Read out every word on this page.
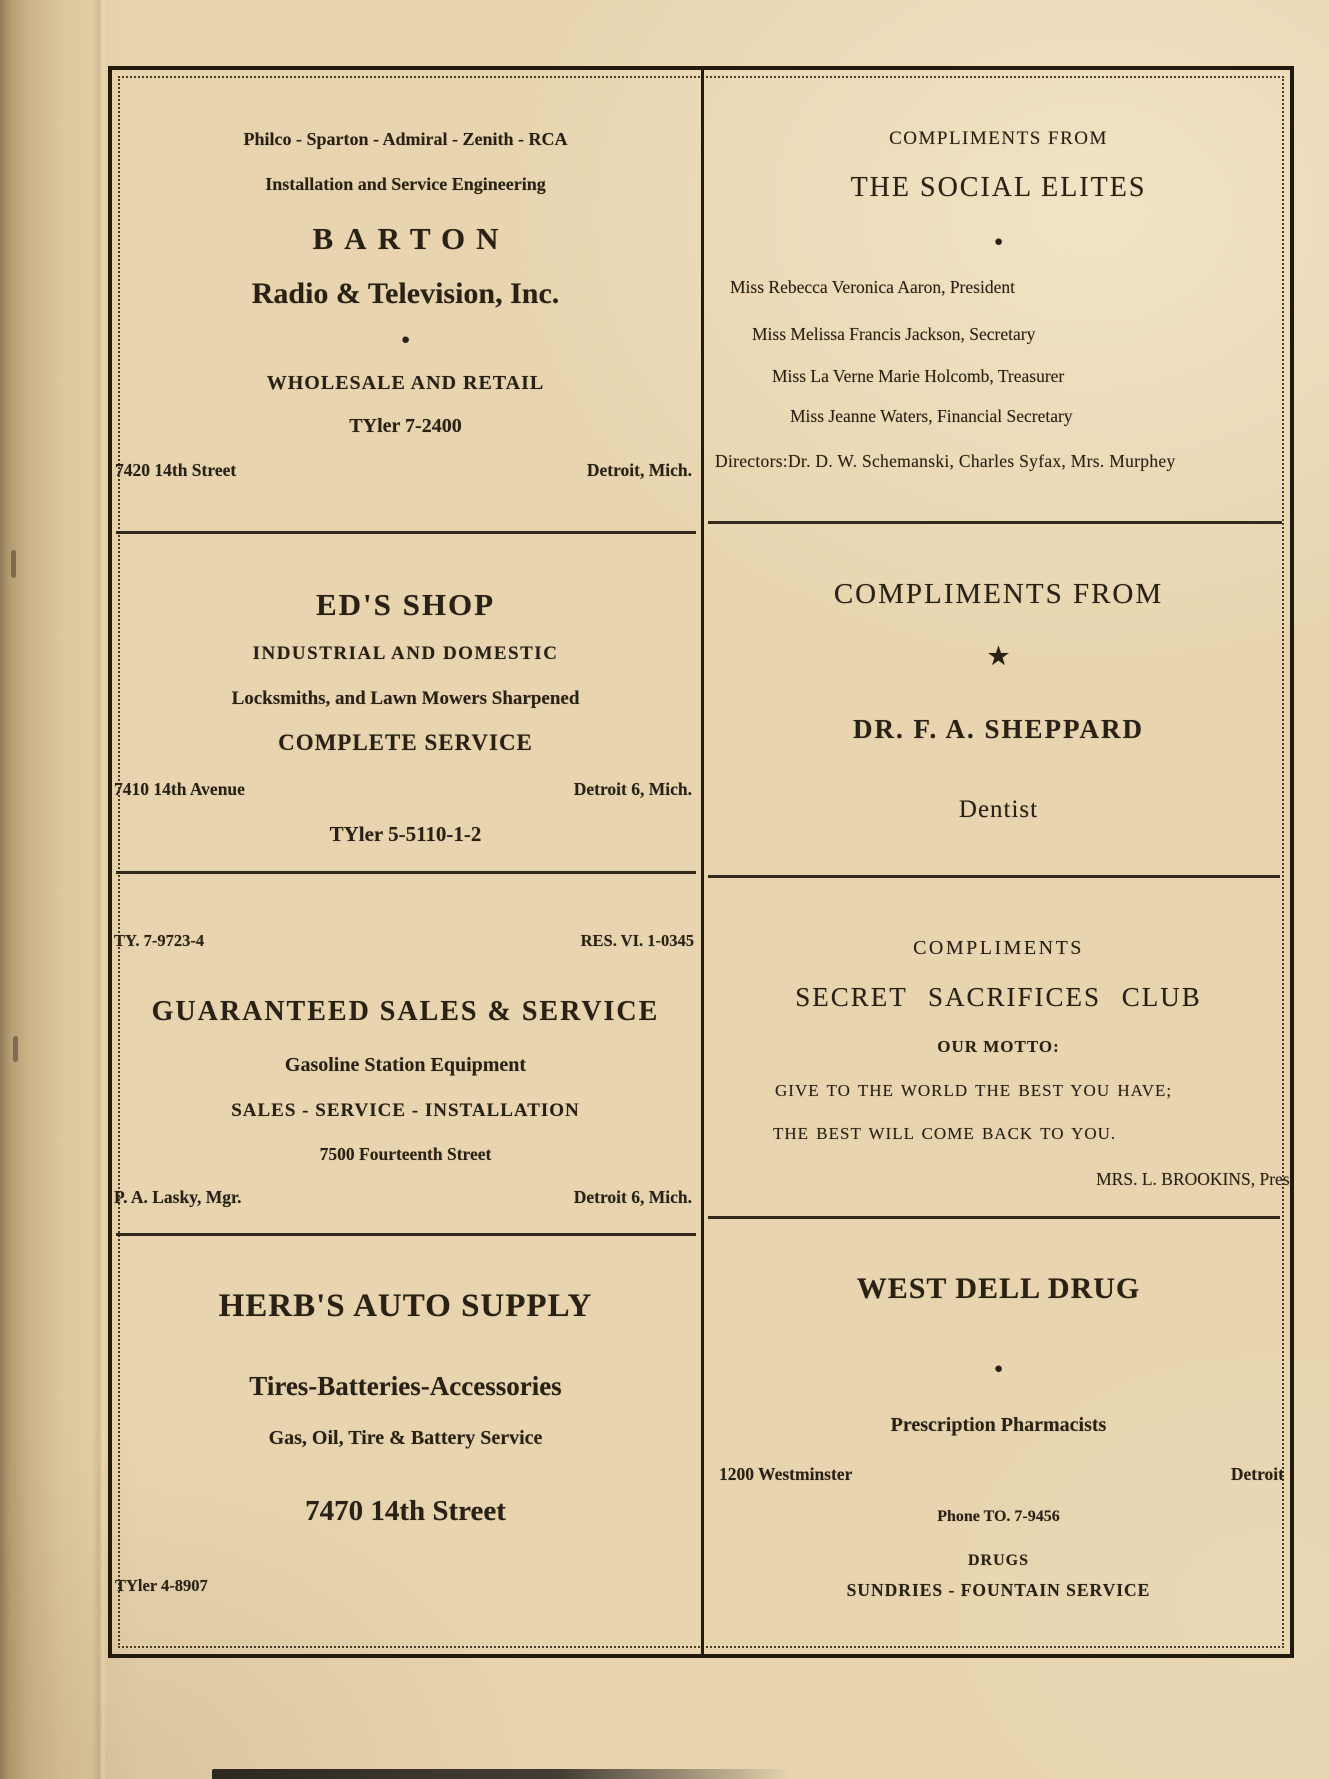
Philco - Sparton - Admiral - Zenith - RCA
Installation and Service Engineering
BARTON
Radio & Television, Inc.
●
WHOLESALE AND RETAIL
TYler 7-2400
7420 14th Street	Detroit, Mich.
ED'S SHOP
INDUSTRIAL AND DOMESTIC
Locksmiths, and Lawn Mowers Sharpened
COMPLETE SERVICE
7410 14th Avenue	Detroit 6, Mich.
TYler 5-5110-1-2
TY. 7-9723-4	RES. VI. 1-0345
GUARANTEED SALES & SERVICE
Gasoline Station Equipment
SALES - SERVICE - INSTALLATION
7500 Fourteenth Street
P. A. Lasky, Mgr.	Detroit 6, Mich.
HERB'S AUTO SUPPLY
Tires-Batteries-Accessories
Gas, Oil, Tire & Battery Service
7470 14th Street
TYler 4-8907
COMPLIMENTS FROM
THE SOCIAL ELITES
●
Miss Rebecca Veronica Aaron, President
Miss Melissa Francis Jackson, Secretary
Miss La Verne Marie Holcomb, Treasurer
Miss Jeanne Waters, Financial Secretary
Directors:Dr. D. W. Schemanski, Charles Syfax, Mrs. Murphey
COMPLIMENTS FROM
★
DR. F. A. SHEPPARD
Dentist
COMPLIMENTS
SECRET SACRIFICES CLUB
OUR MOTTO:
GIVE TO THE WORLD THE BEST YOU HAVE;
THE BEST WILL COME BACK TO YOU.
MRS. L. BROOKINS, Pres.
WEST DELL DRUG
●
Prescription Pharmacists
1200 Westminster	Detroit
Phone TO. 7-9456
DRUGS
SUNDRIES - FOUNTAIN SERVICE
